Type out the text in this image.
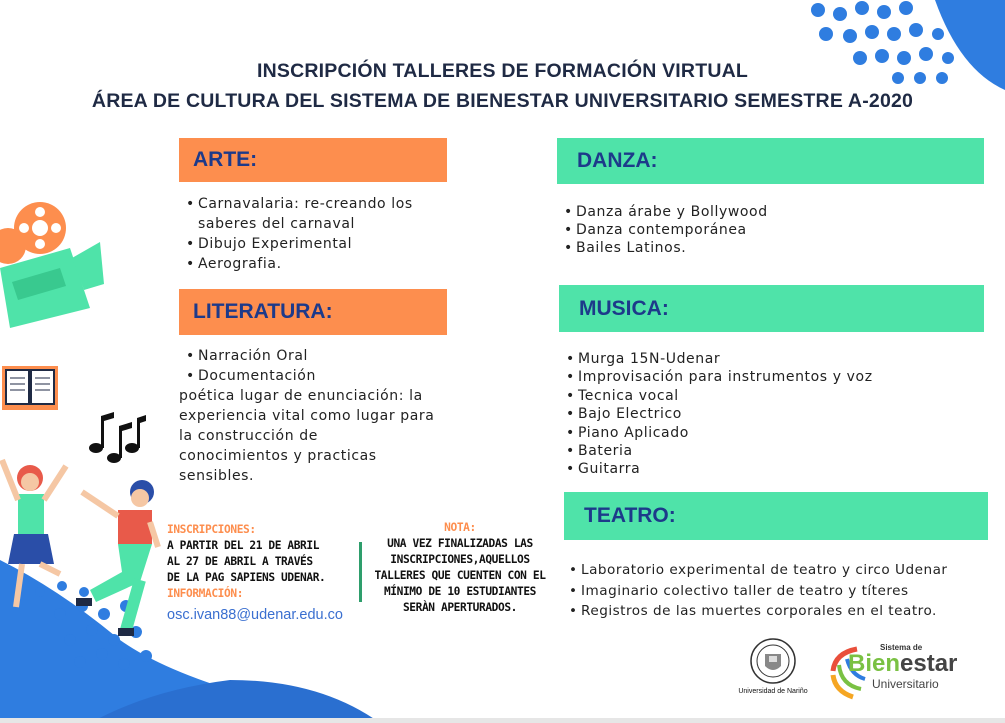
INSCRIPCIÓN TALLERES DE FORMACIÓN VIRTUAL
ÁREA DE CULTURA DEL SISTEMA DE BIENESTAR UNIVERSITARIO SEMESTRE A-2020
ARTE:
• Carnavalaria: re-creando los
saberes del carnaval
• Dibujo Experimental
• Aerografia.
LITERATURA:
• Narración Oral
• Documentación
poética lugar de enunciación: la
experiencia vital como lugar para
la construcción de
conocimientos y practicas
sensibles.
DANZA:
• Danza árabe y Bollywood
• Danza contemporánea
• Bailes Latinos.
MUSICA:
• Murga 15N-Udenar
• Improvisación para instrumentos y voz
• Tecnica vocal
• Bajo Electrico
• Piano Aplicado
• Bateria
• Guitarra
TEATRO:
• Laboratorio experimental de teatro y circo Udenar
• Imaginario colectivo taller de teatro y títeres
• Registros de las muertes corporales en el teatro.
INSCRIPCIONES:
A PARTIR DEL 21 DE ABRIL
AL 27 DE ABRIL A TRAVÉS
DE LA PAG SAPIENS UDENAR.
INFORMACIÓN:
osc.ivan88@udenar.edu.co
NOTA:
UNA VEZ FINALIZADAS LAS
INSCRIPCIONES,AQUELLOS
TALLERES QUE CUENTEN CON EL
MÍNIMO DE 10 ESTUDIANTES
SERÀN APERTURADOS.
Universidad de Nariño
Sistema de
Bienestar
Universitario
